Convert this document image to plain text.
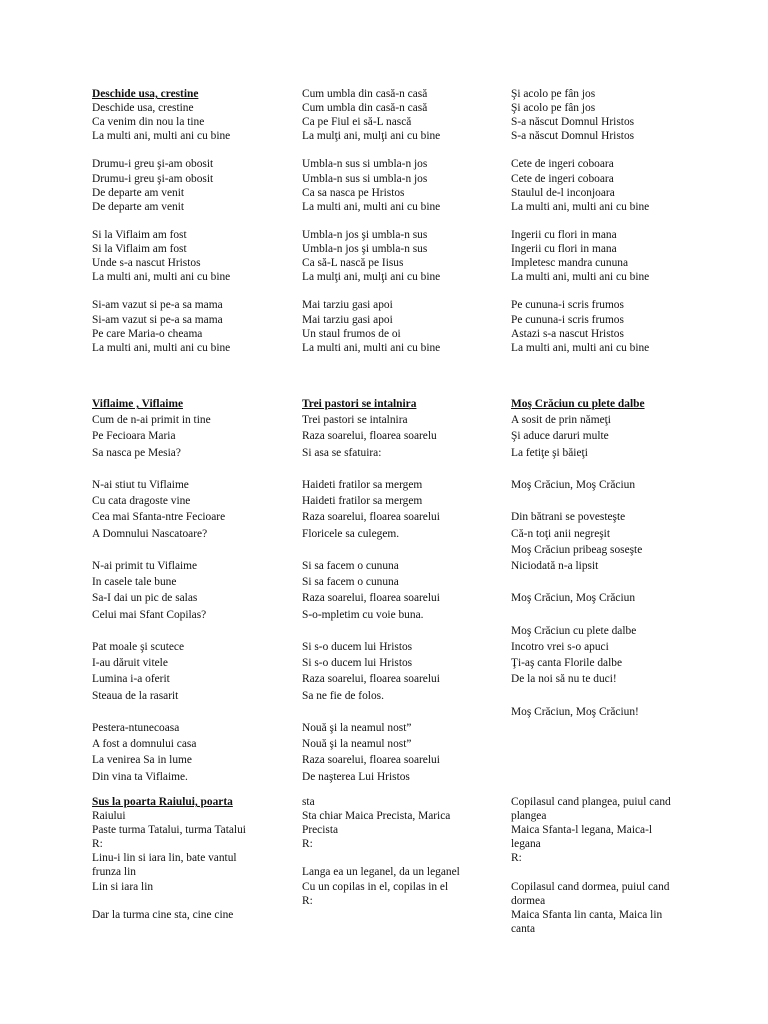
Deschide usa, crestine
Deschide usa, crestine
Ca venim din nou la tine
La multi ani, multi ani cu bine
Drumu-i greu şi-am obosit
Drumu-i greu şi-am obosit
De departe am venit
De departe am venit
Si la Viflaim am fost
Si la Viflaim am fost
Unde s-a nascut Hristos
La multi ani, multi ani cu bine
Si-am vazut si pe-a sa mama
Si-am vazut si pe-a sa mama
Pe care Maria-o cheama
La multi ani, multi ani cu bine
Viflaime , Viflaime
Cum de n-ai primit in tine
Pe Fecioara Maria
Sa nasca pe Mesia?
N-ai stiut tu Viflaime
Cu cata dragoste vine
Cea mai Sfanta-ntre Fecioare
A Domnului Nascatoare?
N-ai primit tu Viflaime
In casele tale bune
Sa-I dai un pic de salas
Celui mai Sfant Copilas?
Pat moale şi scutece
I-au dăruit vitele
Lumina i-a oferit
Steaua de la rasarit
Pestera-ntunecoasa
A fost a domnului casa
La venirea Sa in lume
Din vina ta Viflaime.
Sus la poarta Raiului, poarta
Raiului
Paste turma Tatalui, turma Tatalui
R:
Linu-i lin si iara lin, bate vantul frunza lin
Lin si iara lin
Dar la turma cine sta, cine cine
Cum umbla din casă-n casă
Cum umbla din casă-n casă
Ca pe Fiul ei să-L nască
La mulţi ani, mulţi ani cu bine
Umbla-n sus si umbla-n jos
Umbla-n sus si umbla-n jos
Ca sa nasca pe Hristos
La multi ani, multi ani cu bine
Umbla-n jos şi umbla-n sus
Umbla-n jos şi umbla-n sus
Ca să-L nască pe Iisus
La mulţi ani, mulţi ani cu bine
Mai tarziu gasi apoi
Mai tarziu gasi apoi
Un staul frumos de oi
La multi ani, multi ani cu bine
Trei pastori se intalnira
Trei pastori se intalnira
Raza soarelui, floarea soarelu
Si asa se sfatuira:
Haideti fratilor sa mergem
Haideti fratilor sa mergem
Raza soarelui, floarea soarelui
Floricele sa culegem.
Si sa facem o cununa
Si sa facem o cununa
Raza soarelui, floarea soarelui
S-o-mpletim cu voie buna.
Si s-o ducem lui Hristos
Si s-o ducem lui Hristos
Raza soarelui, floarea soarelui
Sa ne fie de folos.
Nouă şi la neamul nost”
Nouă şi la neamul nost”
Raza soarelui, floarea soarelui
De naşterea Lui Hristos
sta
Sta chiar Maica Precista, Marica Precista
R:
Langa ea un leganel, da un leganel
Cu un copilas in el, copilas in el
R:
Şi acolo pe fân jos
Şi acolo pe fân jos
S-a născut Domnul Hristos
S-a născut Domnul Hristos
Cete de ingeri coboara
Cete de ingeri coboara
Staulul de-l inconjoara
La multi ani, multi ani cu bine
Ingerii cu flori in mana
Ingerii cu flori in mana
Impletesc mandra cununa
La multi ani, multi ani cu bine
Pe cununa-i scris frumos
Pe cununa-i scris frumos
Astazi s-a nascut Hristos
La multi ani, multi ani cu bine
Moş Crăciun cu plete dalbe
A sosit de prin nămeţi
Şi aduce daruri multe
La fetiţe şi băieţi
Moş Crăciun, Moş Crăciun
Din bătrani se povesteşte
Că-n toţi anii negreşit
Moş Crăciun pribeag soseşte
Niciodată n-a lipsit
Moş Crăciun, Moş Crăciun
Moş Crăciun cu plete dalbe
Incotro vrei s-o apuci
Ţi-aş canta Florile dalbe
De la noi să nu te duci!
Moş Crăciun, Moş Crăciun!
Copilasul cand plangea, puiul cand plangea
Maica Sfanta-l legana, Maica-l legana
R:
Copilasul cand dormea, puiul cand dormea
Maica Sfanta lin canta, Maica lin canta
